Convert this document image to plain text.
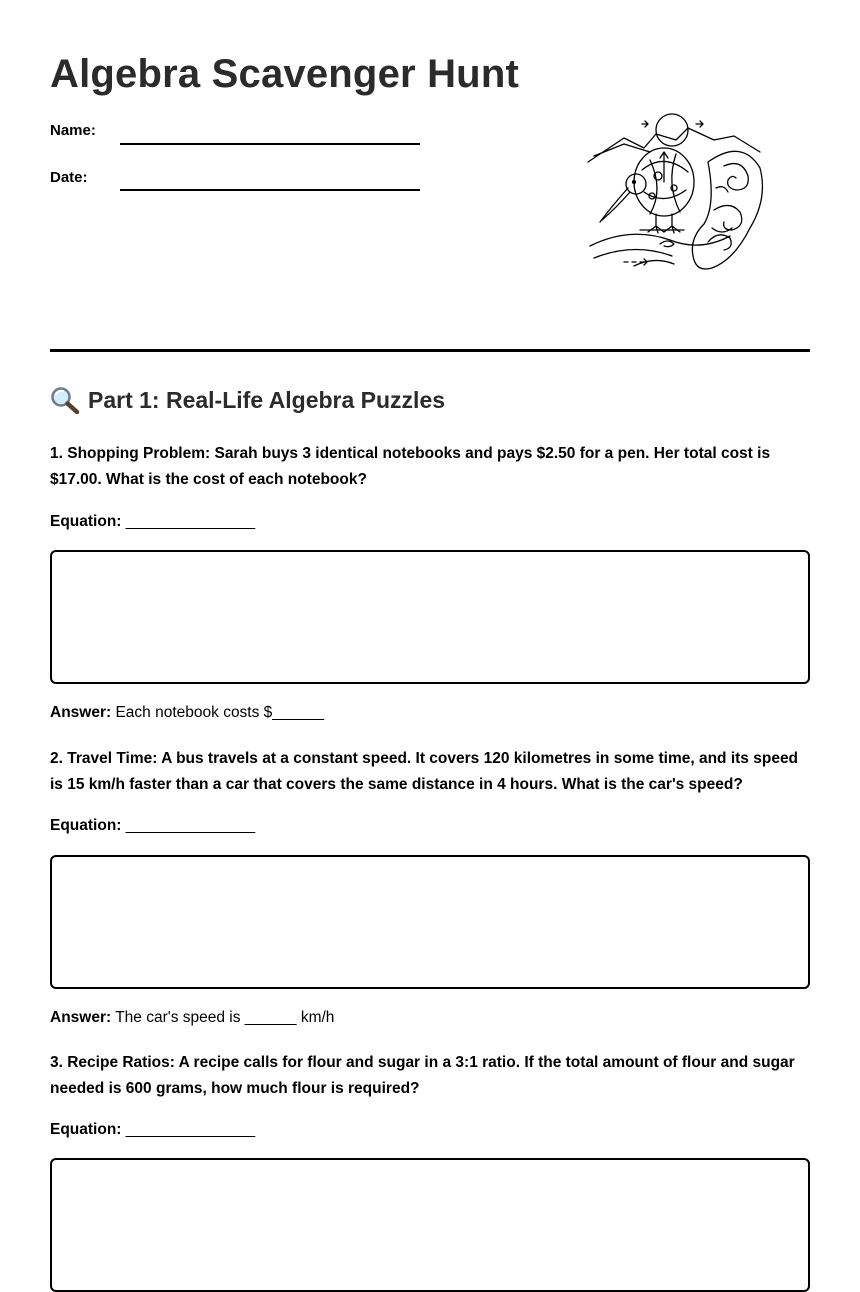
Algebra Scavenger Hunt
Name:
Date:
Part 1: Real-Life Algebra Puzzles

1. Shopping Problem: Sarah buys 3 identical notebooks and pays $2.50 for a pen. Her total cost is $17.00. What is the cost of each notebook?

Equation: _______________

Answer: Each notebook costs $______

2. Travel Time: A bus travels at a constant speed. It covers 120 kilometres in some time, and its speed is 15 km/h faster than a car that covers the same distance in 4 hours. What is the car's speed?

Equation: _______________

Answer: The car's speed is ______ km/h

3. Recipe Ratios: A recipe calls for flour and sugar in a 3:1 ratio. If the total amount of flour and sugar needed is 600 grams, how much flour is required?

Equation: _______________
